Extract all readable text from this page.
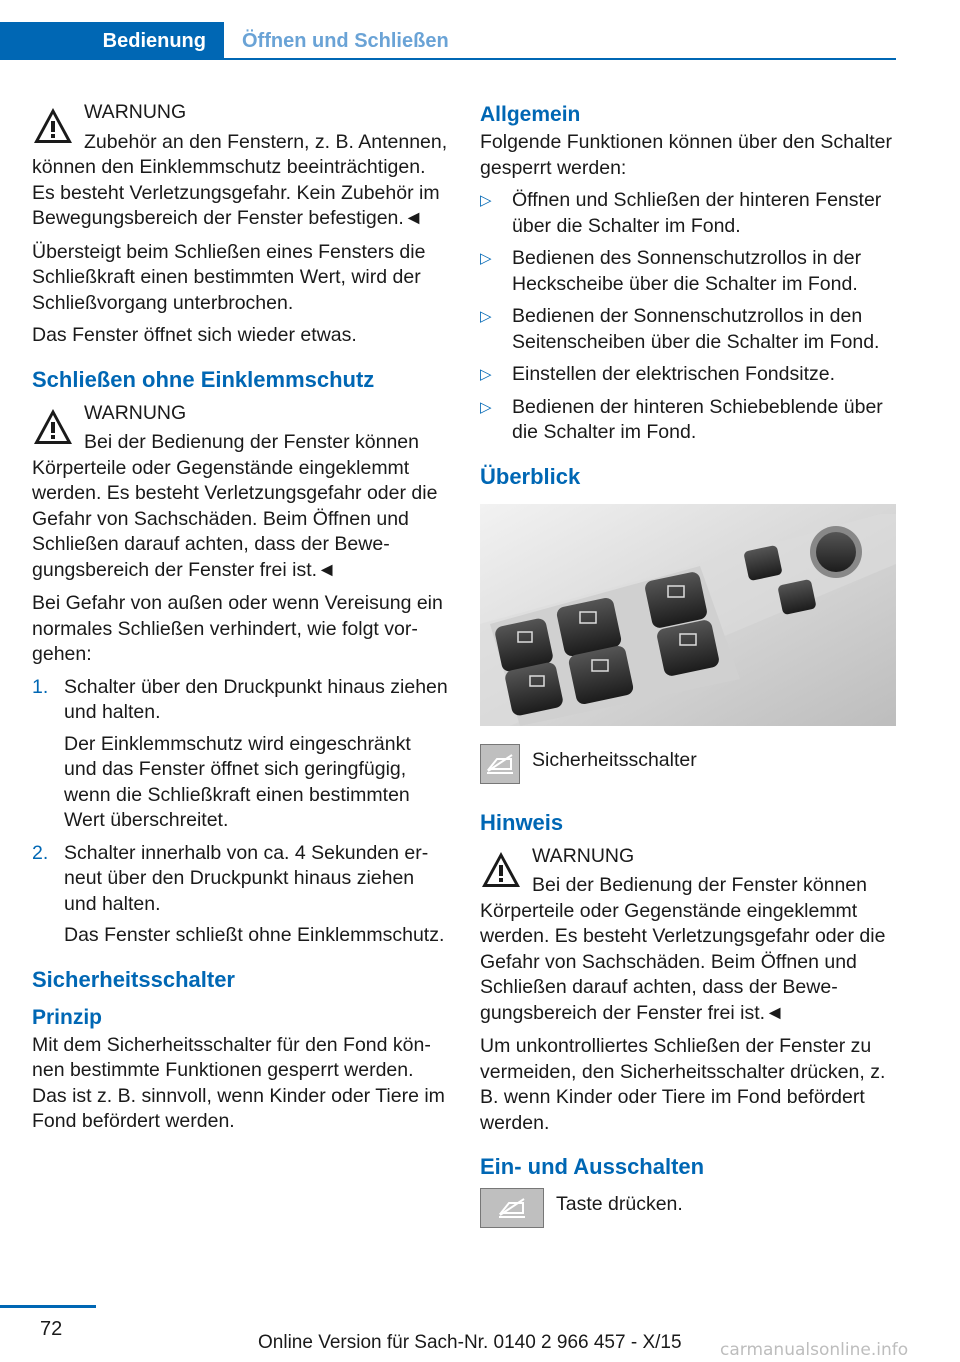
Bedienung	Öffnen und Schließen
WARNUNG
Zubehör an den Fenstern, z. B. Antennen, können den Einklemmschutz beeinträchtigen. Es besteht Verletzungsgefahr. Kein Zubehör im Bewegungsbereich der Fenster befestigen.◄

Übersteigt beim Schließen eines Fensters die Schließkraft einen bestimmten Wert, wird der Schließvorgang unterbrochen.

Das Fenster öffnet sich wieder etwas.

Schließen ohne Einklemmschutz
WARNUNG
Bei der Bedienung der Fenster können Körperteile oder Gegenstände eingeklemmt werden. Es besteht Verletzungsgefahr oder die Gefahr von Sachschäden. Beim Öffnen und Schließen darauf achten, dass der Bewegungsbereich der Fenster frei ist.◄

Bei Gefahr von außen oder wenn Vereisung ein normales Schließen verhindert, wie folgt vorgehen:

1. Schalter über den Druckpunkt hinaus ziehen und halten.
Der Einklemmschutz wird eingeschränkt und das Fenster öffnet sich geringfügig, wenn die Schließkraft einen bestimmten Wert überschreitet.
2. Schalter innerhalb von ca. 4 Sekunden erneut über den Druckpunkt hinaus ziehen und halten.
Das Fenster schließt ohne Einklemmschutz.
Sicherheitsschalter
Prinzip

Mit dem Sicherheitsschalter für den Fond können bestimmte Funktionen gesperrt werden. Das ist z. B. sinnvoll, wenn Kinder oder Tiere im Fond befördert werden.

Allgemein

Folgende Funktionen können über den Schalter gesperrt werden:

▷ Öffnen und Schließen der hinteren Fenster über die Schalter im Fond.
▷ Bedienen des Sonnenschutzrollos in der Heckscheibe über die Schalter im Fond.
▷ Bedienen der Sonnenschutzrollos in den Seitenscheiben über die Schalter im Fond.
▷ Einstellen der elektrischen Fondsitze.
▷ Bedienen der hinteren Schiebeblende über die Schalter im Fond.
Überblick
Sicherheitsschalter
Hinweis
WARNUNG
Bei der Bedienung der Fenster können Körperteile oder Gegenstände eingeklemmt werden. Es besteht Verletzungsgefahr oder die Gefahr von Sachschäden. Beim Öffnen und Schließen darauf achten, dass der Bewegungsbereich der Fenster frei ist.◄

Um unkontrolliertes Schließen der Fenster zu vermeiden, den Sicherheitsschalter drücken, z. B. wenn Kinder oder Tiere im Fond befördert werden.

Ein- und Ausschalten
Taste drücken.
72
Online Version für Sach-Nr. 0140 2 966 457 - X/15 carmanualsonline.info
